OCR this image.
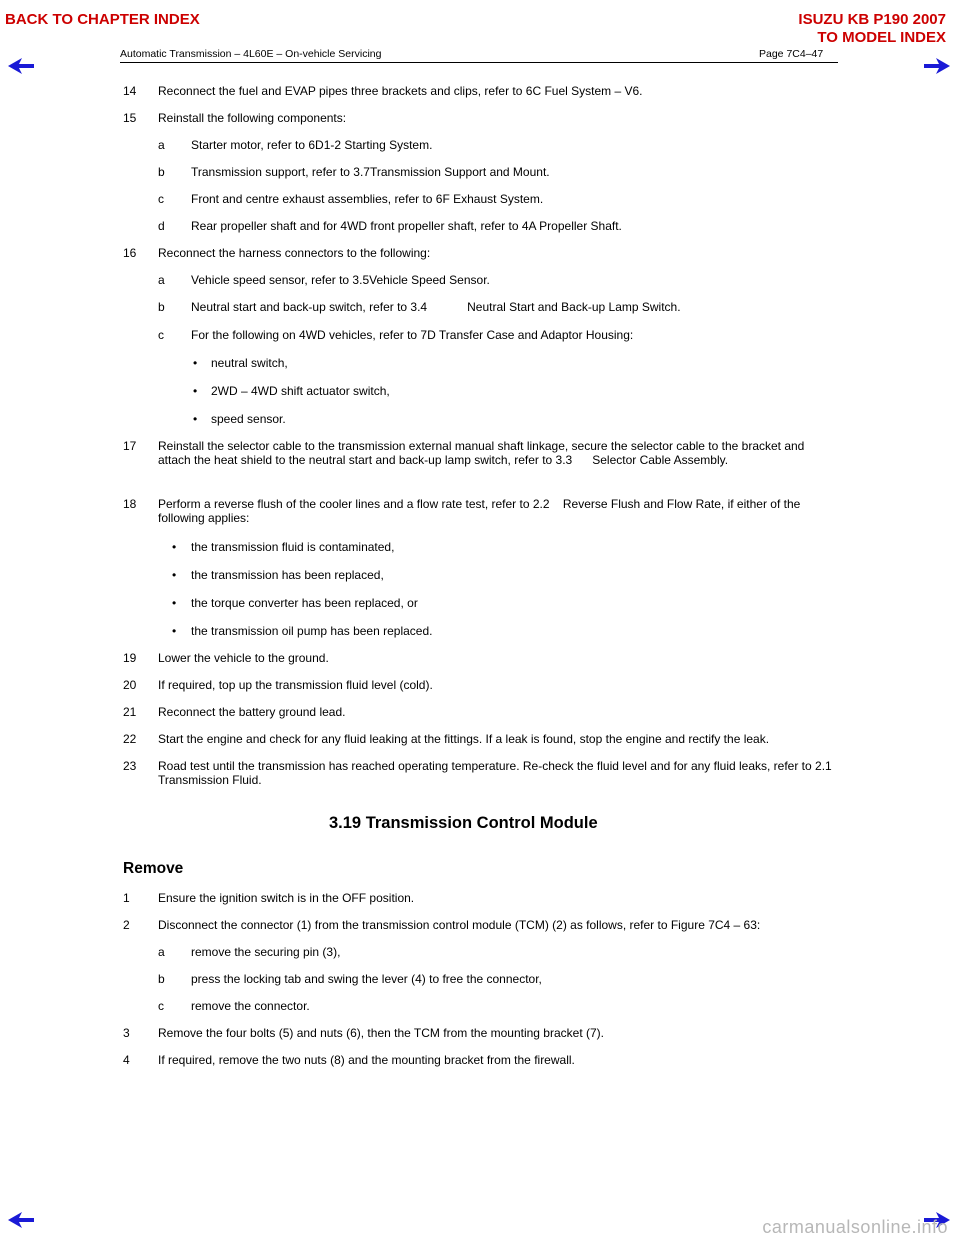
BACK TO CHAPTER INDEX	ISUZU KB P190 2007
TO MODEL INDEX
Automatic Transmission – 4L60E – On-vehicle Servicing	Page 7C4–47
14 Reconnect the fuel and EVAP pipes three brackets and clips, refer to 6C Fuel System – V6.
15 Reinstall the following components:
a Starter motor, refer to 6D1-2 Starting System.
b Transmission support, refer to 3.7Transmission Support and Mount.
c Front and centre exhaust assemblies, refer to 6F Exhaust System.
d Rear propeller shaft and for 4WD front propeller shaft, refer to 4A Propeller Shaft.
16 Reconnect the harness connectors to the following:
a Vehicle speed sensor, refer to 3.5Vehicle Speed Sensor.
b Neutral start and back-up switch, refer to 3.4            Neutral Start and Back-up Lamp Switch.
c For the following on 4WD vehicles, refer to 7D Transfer Case and Adaptor Housing:
• neutral switch,
• 2WD – 4WD shift actuator switch,
• speed sensor.
17 Reinstall the selector cable to the transmission external manual shaft linkage, secure the selector cable to the bracket and attach the heat shield to the neutral start and back-up lamp switch, refer to 3.3      Selector Cable Assembly.
18 Perform a reverse flush of the cooler lines and a flow rate test, refer to 2.2    Reverse Flush and Flow Rate, if either of the following applies:
• the transmission fluid is contaminated,
• the transmission has been replaced,
• the torque converter has been replaced, or
• the transmission oil pump has been replaced.
19 Lower the vehicle to the ground.
20 If required, top up the transmission fluid level (cold).
21 Reconnect the battery ground lead.
22 Start the engine and check for any fluid leaking at the fittings. If a leak is found, stop the engine and rectify the leak.
23 Road test until the transmission has reached operating temperature. Re-check the fluid level and for any fluid leaks, refer to 2.1   Transmission Fluid.
3.19 Transmission Control Module
Remove
1 Ensure the ignition switch is in the OFF position.
2 Disconnect the connector (1) from the transmission control module (TCM) (2) as follows, refer to Figure 7C4 – 63:
a remove the securing pin (3),
b press the locking tab and swing the lever (4) to free the connector,
c remove the connector.
3 Remove the four bolts (5) and nuts (6), then the TCM from the mounting bracket (7).
4 If required, remove the two nuts (8) and the mounting bracket from the firewall.
carmanualsonline.info
